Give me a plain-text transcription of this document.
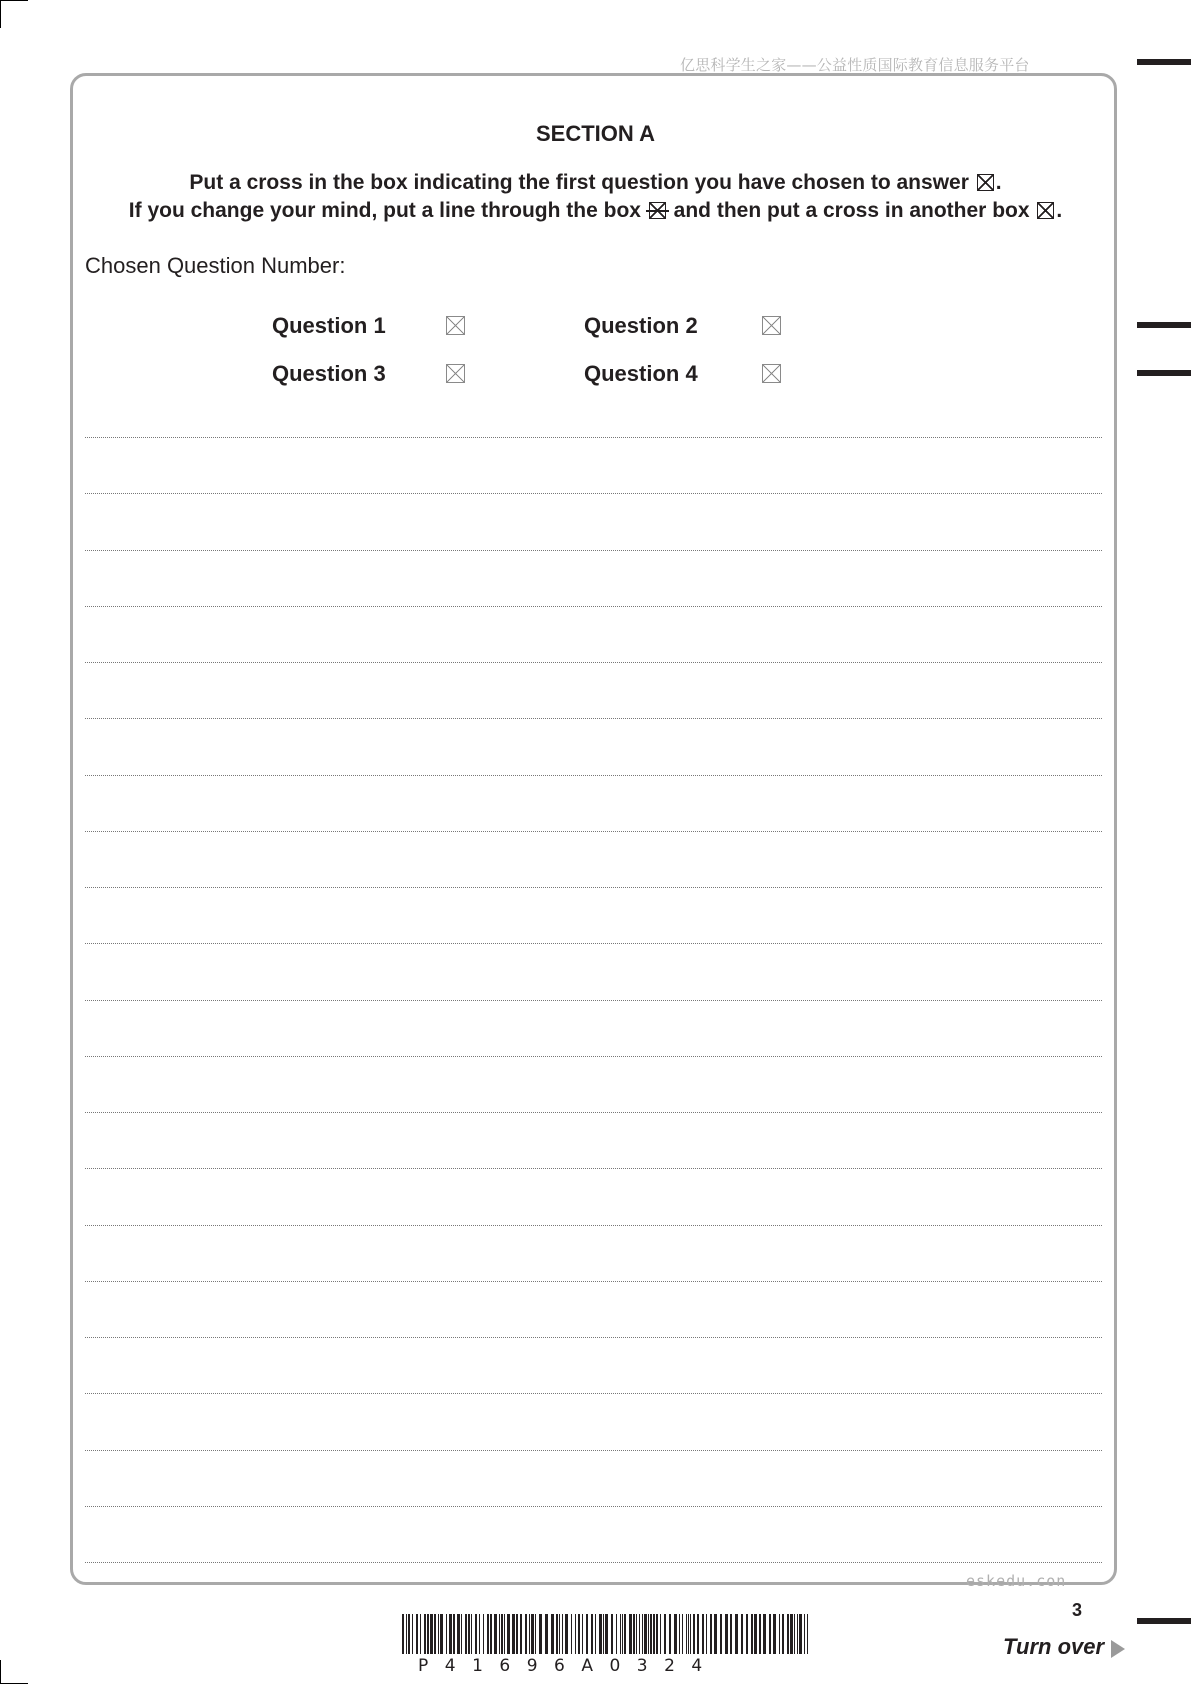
亿思科学生之家——公益性质国际教育信息服务平台
SECTION A
Put a cross in the box indicating the first question you have chosen to answer ☒ .
If you change your mind, put a line through the box and then put a cross in another box ☒ .
Chosen Question Number:
Question 1	Question 2
Question 3	Question 4
eskedu.con
3
P41696A0324
Turn over
